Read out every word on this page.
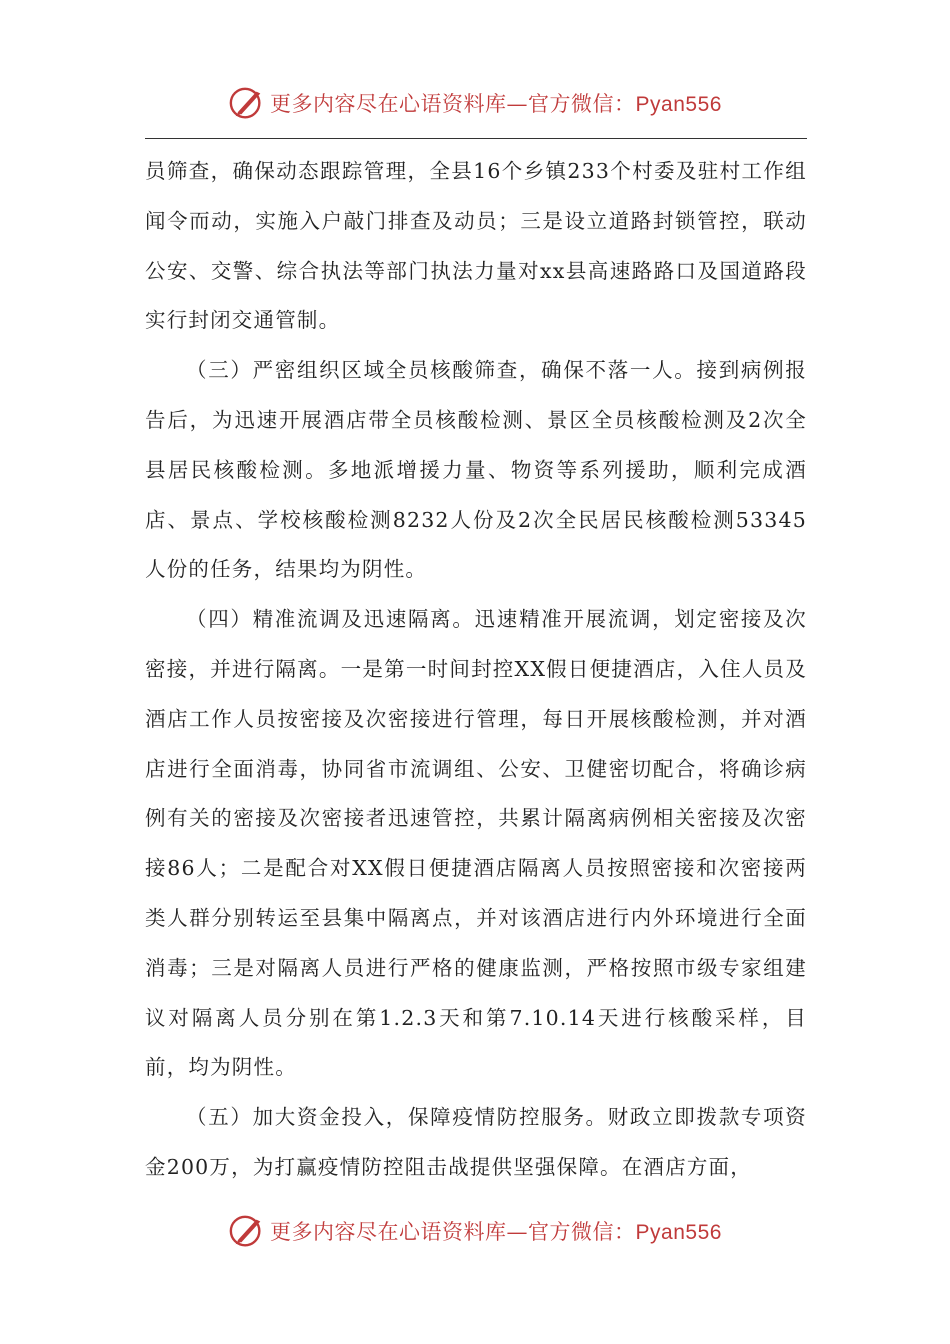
更多内容尽在心语资料库—官方微信：Pyan556

员筛查，确保动态跟踪管理，全县16个乡镇233个村委及驻村工作组闻令而动，实施入户敲门排查及动员；三是设立道路封锁管控，联动公安、交警、综合执法等部门执法力量对xx县高速路路口及国道路段实行封闭交通管制。

（三）严密组织区域全员核酸筛查，确保不落一人。接到病例报告后，为迅速开展酒店带全员核酸检测、景区全员核酸检测及2次全县居民核酸检测。多地派增援力量、物资等系列援助，顺利完成酒店、景点、学校核酸检测8232人份及2次全民居民核酸检测53345人份的任务，结果均为阴性。

（四）精准流调及迅速隔离。迅速精准开展流调，划定密接及次密接，并进行隔离。一是第一时间封控XX假日便捷酒店，入住人员及酒店工作人员按密接及次密接进行管理，每日开展核酸检测，并对酒店进行全面消毒，协同省市流调组、公安、卫健密切配合，将确诊病例有关的密接及次密接者迅速管控，共累计隔离病例相关密接及次密接86人；二是配合对XX假日便捷酒店隔离人员按照密接和次密接两类人群分别转运至县集中隔离点，并对该酒店进行内外环境进行全面消毒；三是对隔离人员进行严格的健康监测，严格按照市级专家组建议对隔离人员分别在第1.2.3天和第7.10.14天进行核酸采样，目前，均为阴性。

（五）加大资金投入，保障疫情防控服务。财政立即拨款专项资金200万，为打赢疫情防控阻击战提供坚强保障。在酒店方面，

更多内容尽在心语资料库—官方微信：Pyan556
